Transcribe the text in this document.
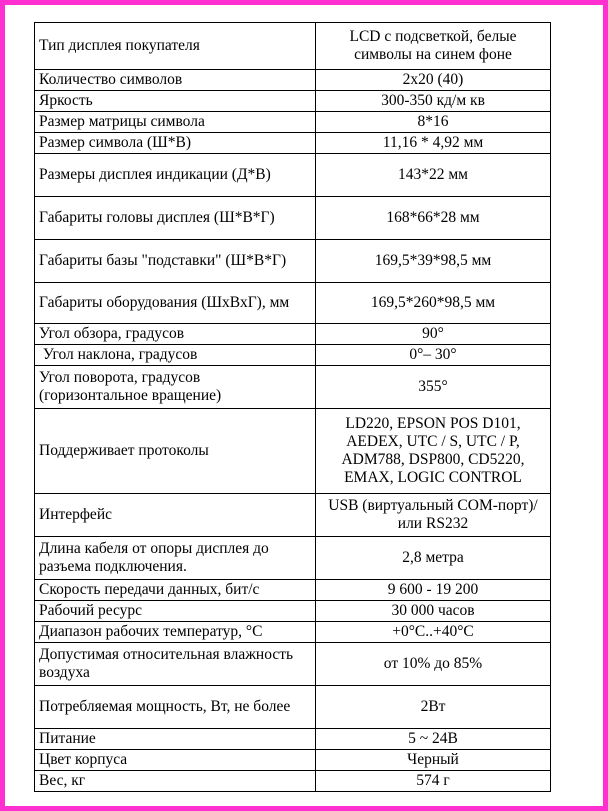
Тип дисплея покупателя	LCD с подсветкой, белые символы на синем фоне
Количество символов	2х20 (40)
Яркость	300-350 кд/м кв
Размер матрицы символа	8*16
Размер символа (Ш*В)	11,16 * 4,92 мм
Размеры дисплея индикации (Д*В)	143*22 мм
Габариты головы дисплея (Ш*В*Г)	168*66*28 мм
Габариты базы "подставки" (Ш*В*Г)	169,5*39*98,5 мм
Габариты оборудования (ШхВхГ), мм	169,5*260*98,5 мм
Угол обзора, градусов	90°
Угол наклона, градусов	0°– 30°
Угол поворота, градусов (горизонтальное вращение)	355°
Поддерживает протоколы	LD220, EPSON POS D101, AEDEX, UTC / S, UTC / P, ADM788, DSP800, CD5220, EMAX, LOGIC CONTROL
Интерфейс	USB (виртуальный COM-порт)/или RS232
Длина кабеля от опоры дисплея до разъема подключения.	2,8 метра
Скорость передачи данных, бит/с	9 600 - 19 200
Рабочий ресурс	30 000 часов
Диапазон рабочих температур, °С	+0°С..+40°С
Допустимая относительная влажность воздуха	от 10% до 85%
Потребляемая мощность, Вт, не более	2Вт
Питание	5 ~ 24В
Цвет корпуса	Черный
Вес, кг	574 г
